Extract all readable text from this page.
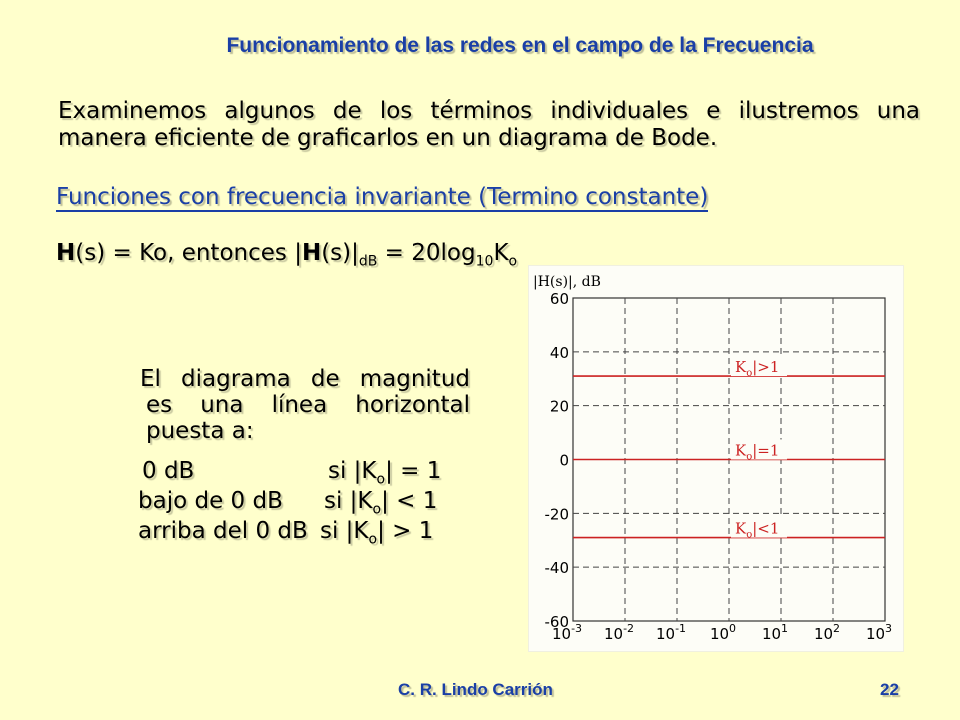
Funcionamiento de las redes en el campo de la Frecuencia
Examinemos algunos de los términos individuales e ilustremos una
manera eficiente de graficarlos en un diagrama de Bode.
Funciones con frecuencia invariante (Termino constante)
H(s) = Ko, entonces $|H(s)|_{dB} = 20\log_{10}K_o$
El diagrama de magnitud
es una línea horizontal
puesta a:
0 dB	si $|K_o| = 1$
bajo de 0 dB si $|K_o| < 1$
arriba del 0 dB si $|K_o| > 1$
|H(s)|, dB
60
40
20
0
-20
-40
-60
$10^{-3}$ $10^{-2}$ $10^{-1}$ $10^0$ $10^1$ $10^2$ $10^3$
$K_o|>1$
$K_o|=1$
$K_o|<1$
C. R. Lindo Carrión	22
